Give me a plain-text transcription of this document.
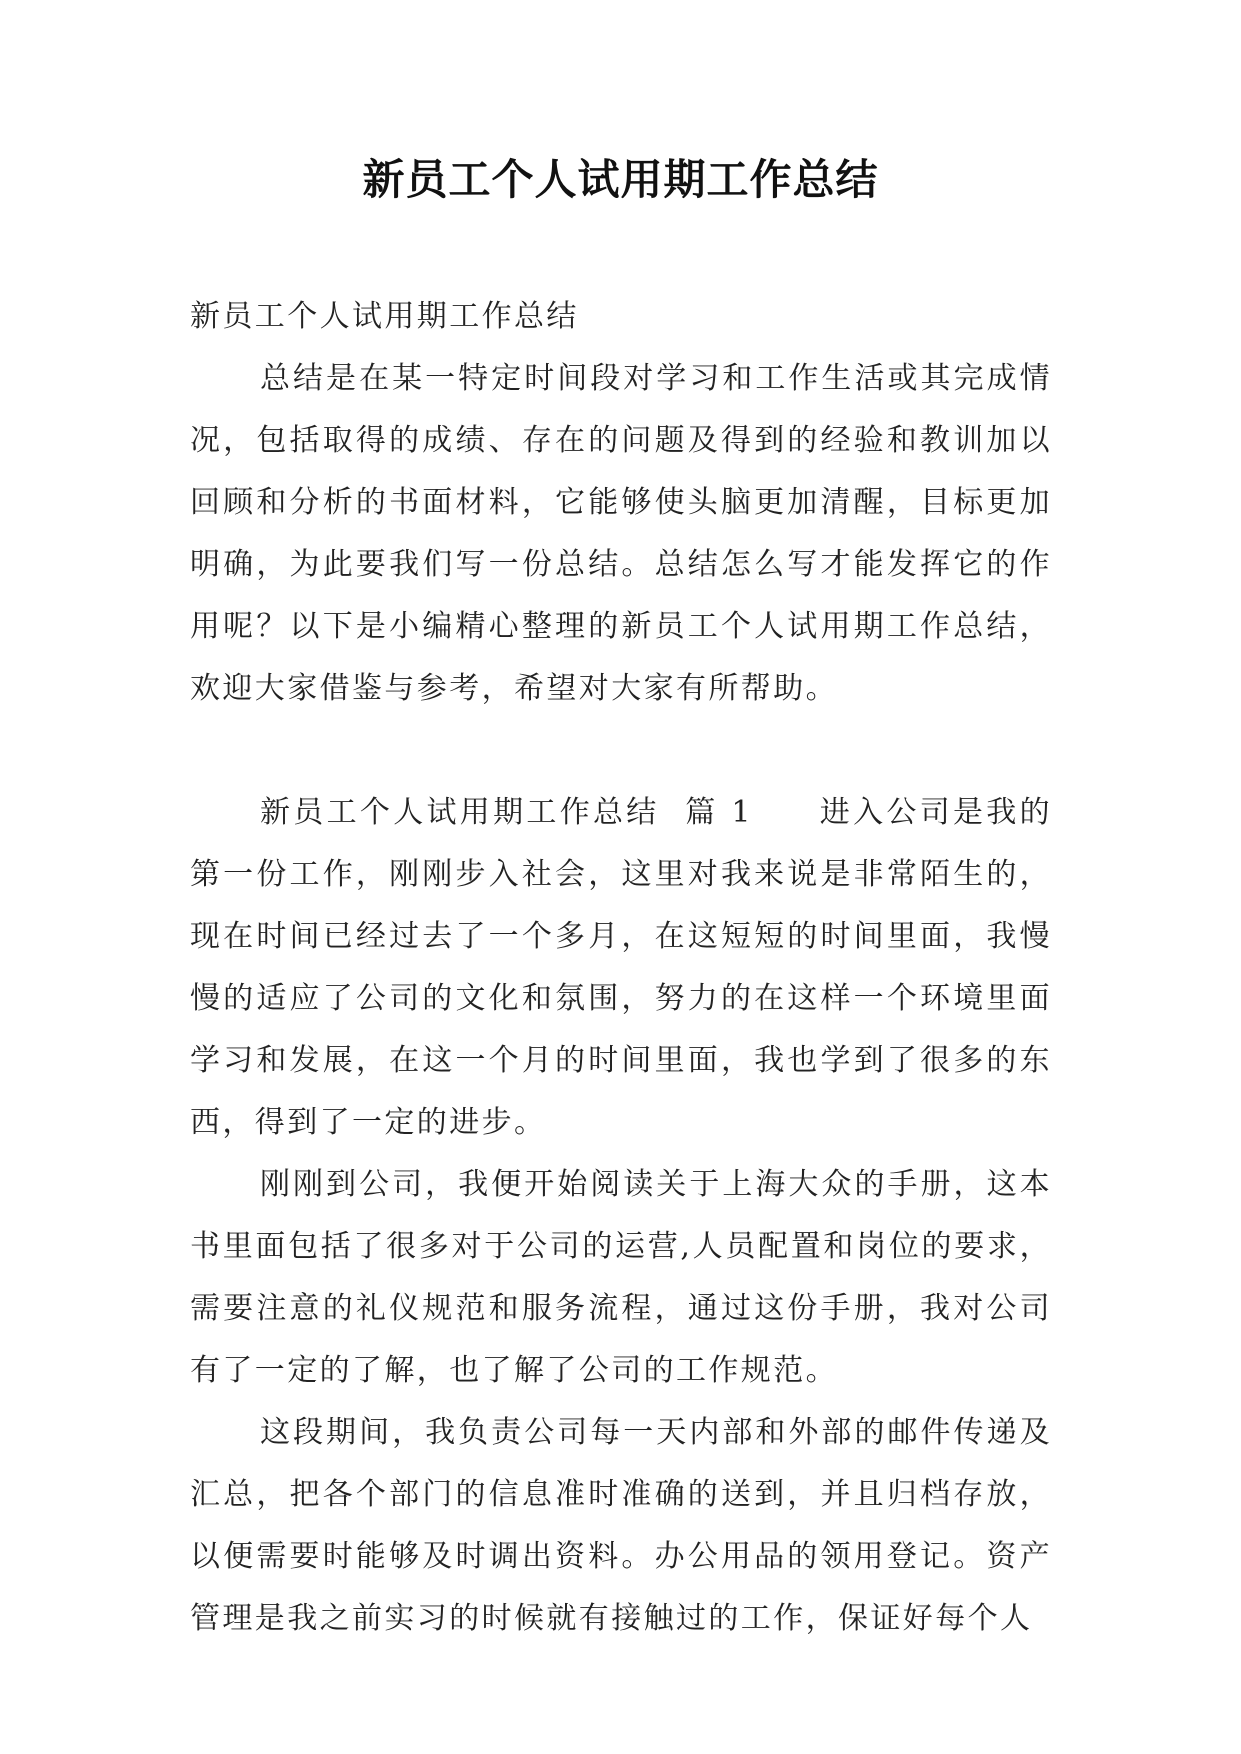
新员工个人试用期工作总结

新员工个人试用期工作总结

总结是在某一特定时间段对学习和工作生活或其完成情况，包括取得的成绩、存在的问题及得到的经验和教训加以回顾和分析的书面材料，它能够使头脑更加清醒，目标更加明确，为此要我们写一份总结。总结怎么写才能发挥它的作用呢？以下是小编精心整理的新员工个人试用期工作总结，欢迎大家借鉴与参考，希望对大家有所帮助。

新员工个人试用期工作总结  篇 1 进入公司是我的第一份工作，刚刚步入社会，这里对我来说是非常陌生的，现在时间已经过去了一个多月，在这短短的时间里面，我慢慢的适应了公司的文化和氛围，努力的在这样一个环境里面学习和发展，在这一个月的时间里面，我也学到了很多的东西，得到了一定的进步。

刚刚到公司，我便开始阅读关于上海大众的手册，这本书里面包括了很多对于公司的运营,人员配置和岗位的要求，需要注意的礼仪规范和服务流程，通过这份手册，我对公司有了一定的了解，也了解了公司的工作规范。

这段期间，我负责公司每一天内部和外部的邮件传递及汇总，把各个部门的信息准时准确的送到，并且归档存放，以便需要时能够及时调出资料。办公用品的领用登记。资产管理是我之前实习的时候就有接触过的工作，保证好每个人
